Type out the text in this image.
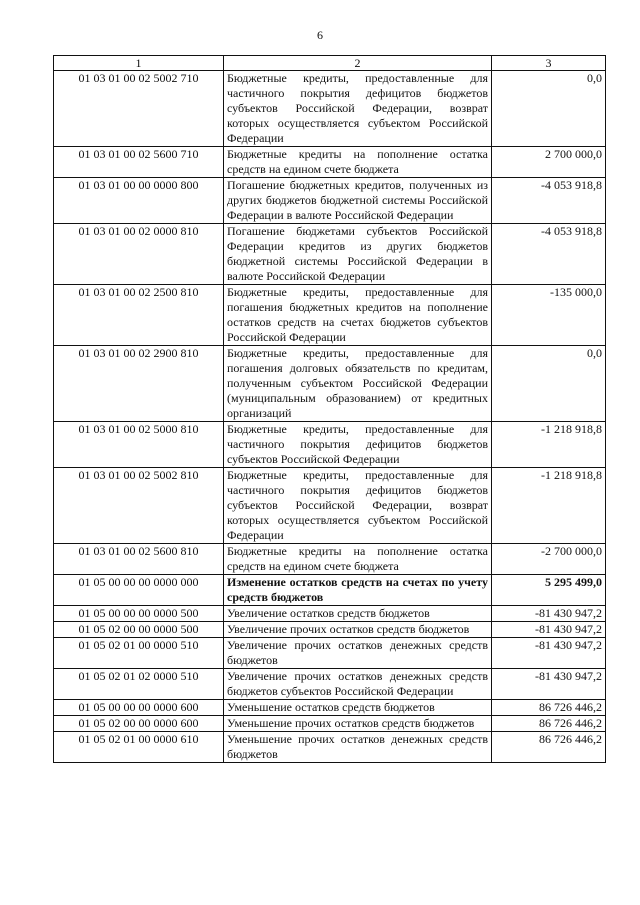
6
1	2	3
01 03 01 00 02 5002 710	Бюджетные кредиты, предоставленные для частичного покрытия дефицитов бюджетов субъектов Российской Федерации, возврат которых осуществляется субъектом Российской Федерации	0,0
01 03 01 00 02 5600 710	Бюджетные кредиты на пополнение остатка средств на едином счете бюджета	2 700 000,0
01 03 01 00 00 0000 800	Погашение бюджетных кредитов, полученных из других бюджетов бюджетной системы Российской Федерации в валюте Российской Федерации	-4 053 918,8
01 03 01 00 02 0000 810	Погашение бюджетами субъектов Российской Федерации кредитов из других бюджетов бюджетной системы Российской Федерации в валюте Российской Федерации	-4 053 918,8
01 03 01 00 02 2500 810	Бюджетные кредиты, предоставленные для погашения бюджетных кредитов на пополнение остатков средств на счетах бюджетов субъектов Российской Федерации	-135 000,0
01 03 01 00 02 2900 810	Бюджетные кредиты, предоставленные для погашения долговых обязательств по кредитам, полученным субъектом Российской Федерации (муниципальным образованием) от кредитных организаций	0,0
01 03 01 00 02 5000 810	Бюджетные кредиты, предоставленные для частичного покрытия дефицитов бюджетов субъектов Российской Федерации	-1 218 918,8
01 03 01 00 02 5002 810	Бюджетные кредиты, предоставленные для частичного покрытия дефицитов бюджетов субъектов Российской Федерации, возврат которых осуществляется субъектом Российской Федерации	-1 218 918,8
01 03 01 00 02 5600 810	Бюджетные кредиты на пополнение остатка средств на едином счете бюджета	-2 700 000,0
01 05 00 00 00 0000 000	Изменение остатков средств на счетах по учету средств бюджетов	5 295 499,0
01 05 00 00 00 0000 500	Увеличение остатков средств бюджетов	-81 430 947,2
01 05 02 00 00 0000 500	Увеличение прочих остатков средств бюджетов	-81 430 947,2
01 05 02 01 00 0000 510	Увеличение прочих остатков денежных средств бюджетов	-81 430 947,2
01 05 02 01 02 0000 510	Увеличение прочих остатков денежных средств бюджетов субъектов Российской Федерации	-81 430 947,2
01 05 00 00 00 0000 600	Уменьшение остатков средств бюджетов	86 726 446,2
01 05 02 00 00 0000 600	Уменьшение прочих остатков средств бюджетов	86 726 446,2
01 05 02 01 00 0000 610	Уменьшение прочих остатков денежных средств бюджетов	86 726 446,2
